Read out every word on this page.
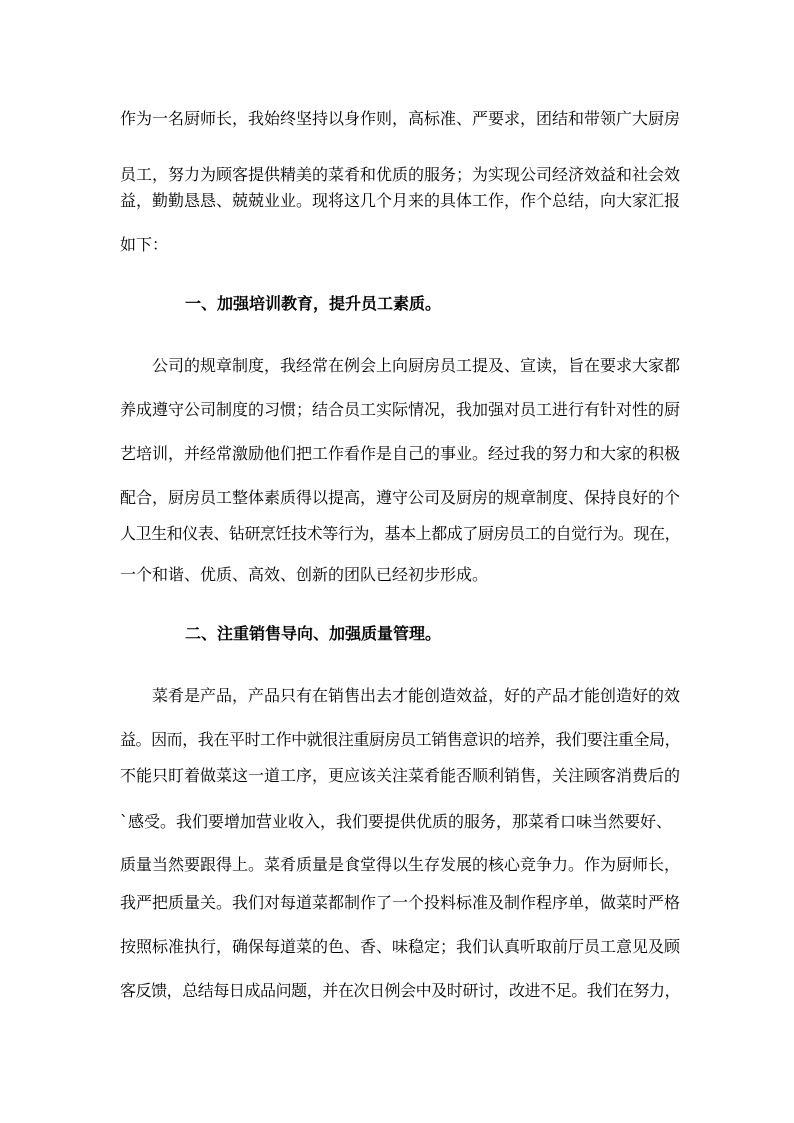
作为一名厨师长，我始终坚持以身作则，高标准、严要求，团结和带领广大厨房
员工，努力为顾客提供精美的菜肴和优质的服务；为实现公司经济效益和社会效
益，勤勤恳恳、兢兢业业。现将这几个月来的具体工作，作个总结，向大家汇报
如下：
一、加强培训教育，提升员工素质。
公司的规章制度，我经常在例会上向厨房员工提及、宣读，旨在要求大家都
养成遵守公司制度的习惯；结合员工实际情况，我加强对员工进行有针对性的厨
艺培训，并经常激励他们把工作看作是自己的事业。经过我的努力和大家的积极
配合，厨房员工整体素质得以提高，遵守公司及厨房的规章制度、保持良好的个
人卫生和仪表、钻研烹饪技术等行为，基本上都成了厨房员工的自觉行为。现在，
一个和谐、优质、高效、创新的团队已经初步形成。
二、注重销售导向、加强质量管理。
菜肴是产品，产品只有在销售出去才能创造效益，好的产品才能创造好的效
益。因而，我在平时工作中就很注重厨房员工销售意识的培养，我们要注重全局，
不能只盯着做菜这一道工序，更应该关注菜肴能否顺利销售，关注顾客消费后的
`感受。我们要增加营业收入，我们要提供优质的服务，那菜肴口味当然要好、
质量当然要跟得上。菜肴质量是食堂得以生存发展的核心竞争力。作为厨师长，
我严把质量关。我们对每道菜都制作了一个投料标准及制作程序单，做菜时严格
按照标准执行，确保每道菜的色、香、味稳定；我们认真听取前厅员工意见及顾
客反馈，总结每日成品问题，并在次日例会中及时研讨，改进不足。我们在努力，
